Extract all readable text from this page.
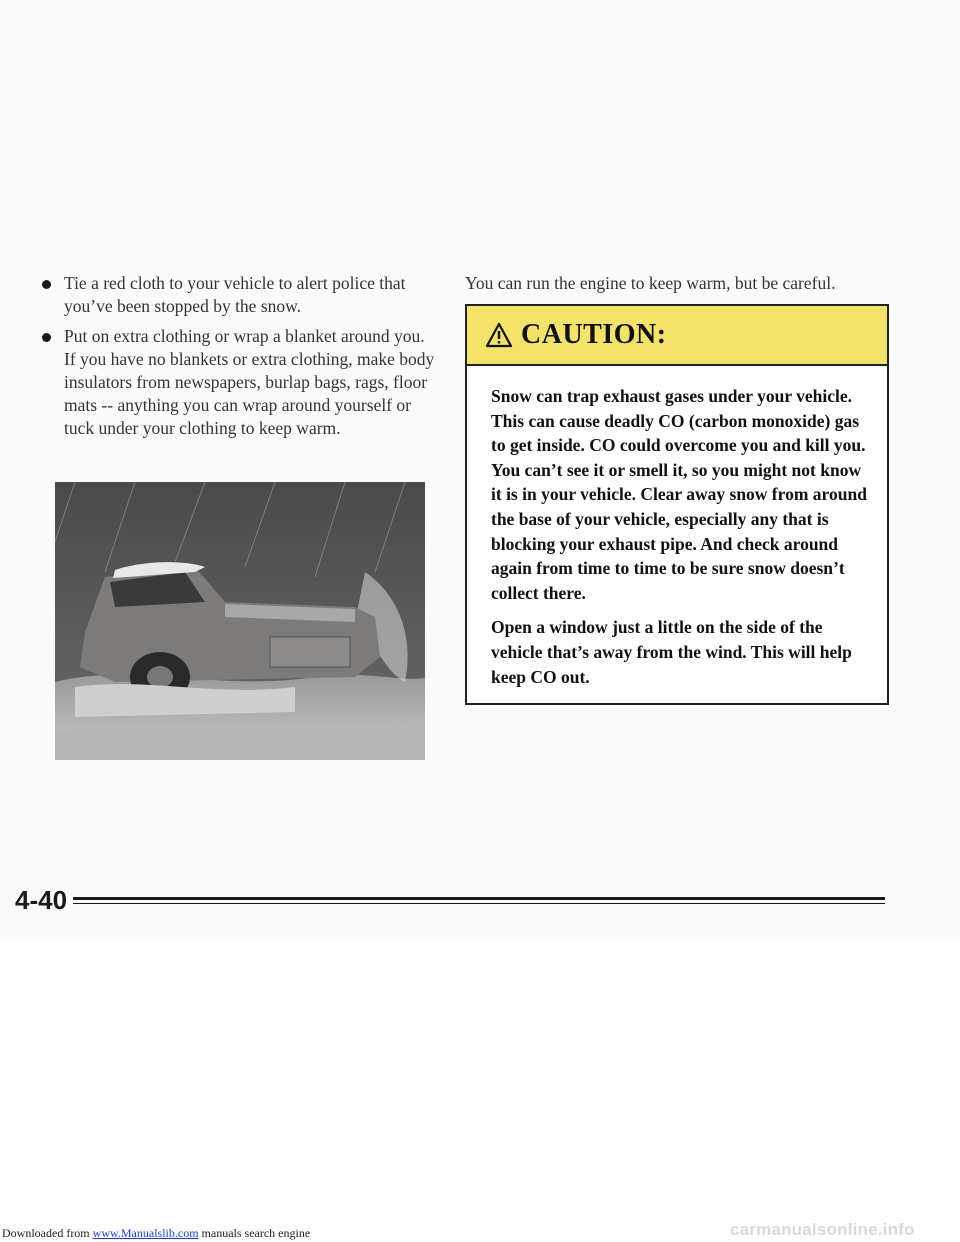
Tie a red cloth to your vehicle to alert police that you’ve been stopped by the snow.
Put on extra clothing or wrap a blanket around you. If you have no blankets or extra clothing, make body insulators from newspapers, burlap bags, rags, floor mats -- anything you can wrap around yourself or tuck under your clothing to keep warm.

You can run the engine to keep warm, but be careful.

CAUTION:

Snow can trap exhaust gases under your vehicle. This can cause deadly CO (carbon monoxide) gas to get inside. CO could overcome you and kill you. You can’t see it or smell it, so you might not know it is in your vehicle. Clear away snow from around the base of your vehicle, especially any that is blocking your exhaust pipe. And check around again from time to time to be sure snow doesn’t collect there.

Open a window just a little on the side of the vehicle that’s away from the wind. This will help keep CO out.

4-40
Downloaded from www.Manualslib.com manuals search engine	carmanualsonline.info
